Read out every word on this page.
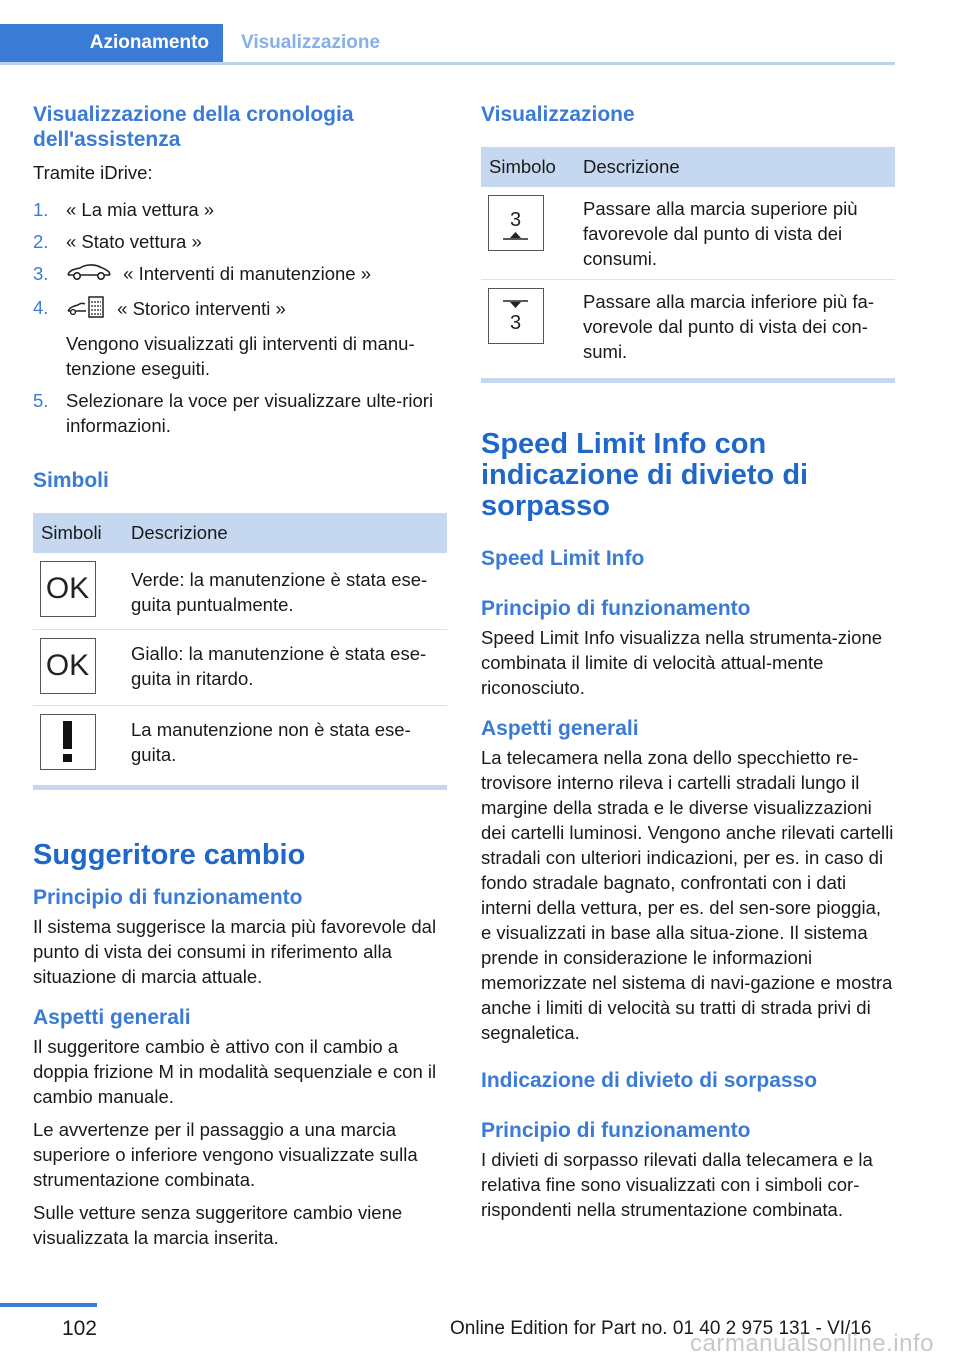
Azionamento	Visualizzazione
Visualizzazione della cronologia dell'assistenza

Tramite iDrive:

1. « La mia vettura »
2. « Stato vettura »
3.	« Interventi di manutenzione »
4.	« Storico interventi »
Vengono visualizzati gli interventi di manu-tenzione eseguiti.
5. Selezionare la voce per visualizzare ulte-riori informazioni.
Simboli
Simboli	Descrizione

OK	Verde: la manutenzione è stata ese-guita puntualmente.

OK	Giallo: la manutenzione è stata ese-guita in ritardo.

	La manutenzione non è stata ese-guita.
Suggeritore cambio
Principio di funzionamento

Il sistema suggerisce la marcia più favorevole dal punto di vista dei consumi in riferimento alla situazione di marcia attuale.

Aspetti generali

Il suggeritore cambio è attivo con il cambio a doppia frizione M in modalità sequenziale e con il cambio manuale.

Le avvertenze per il passaggio a una marcia superiore o inferiore vengono visualizzate sulla strumentazione combinata.

Sulle vetture senza suggeritore cambio viene visualizzata la marcia inserita.

Visualizzazione
Simbolo	Descrizione

3	Passare alla marcia superiore più favorevole dal punto di vista dei consumi.

3	Passare alla marcia inferiore più fa-vorevole dal punto di vista dei con-sumi.
Speed Limit Info con indicazione di divieto di sorpasso
Speed Limit Info
Principio di funzionamento

Speed Limit Info visualizza nella strumenta-zione combinata il limite di velocità attual-mente riconosciuto.

Aspetti generali

La telecamera nella zona dello specchietto re-trovisore interno rileva i cartelli stradali lungo il margine della strada e le diverse visualizzazioni dei cartelli luminosi. Vengono anche rilevati cartelli stradali con ulteriori indicazioni, per es. in caso di fondo stradale bagnato, confrontati con i dati interni della vettura, per es. del sen-sore pioggia, e visualizzati in base alla situa-zione. Il sistema prende in considerazione le informazioni memorizzate nel sistema di navi-gazione e mostra anche i limiti di velocità su tratti di strada privi di segnaletica.

Indicazione di divieto di sorpasso
Principio di funzionamento

I divieti di sorpasso rilevati dalla telecamera e la relativa fine sono visualizzati con i simboli cor-rispondenti nella strumentazione combinata.

102	Online Edition for Part no. 01 40 2 975 131 - VI/16
carmanualsonline.info
